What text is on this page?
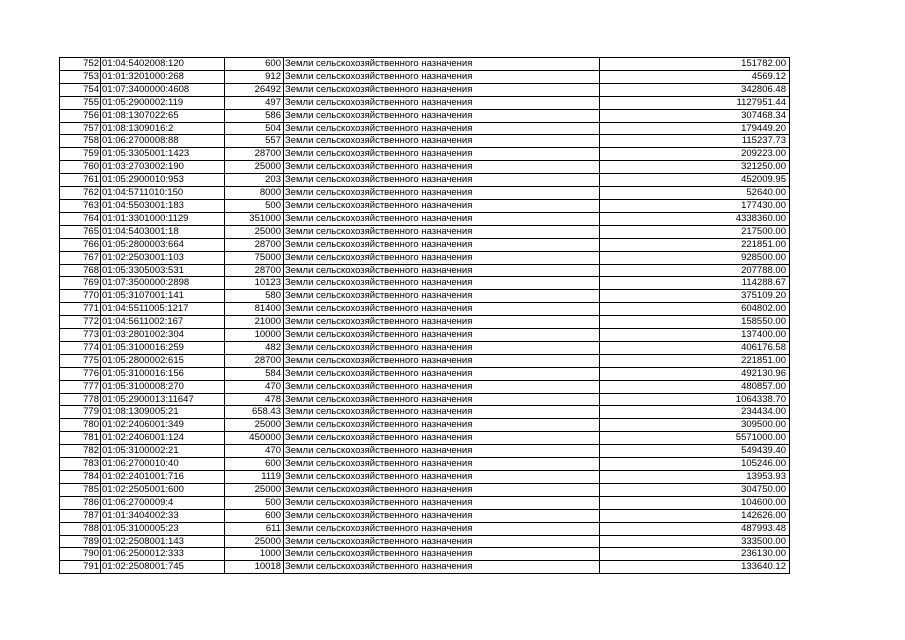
752	01:04:5402008:120	600	Земли сельскохозяйственного назначения	151782.00
753	01:01:3201000:268	912	Земли сельскохозяйственного назначения	4569.12
754	01:07:3400000:4608	26492	Земли сельскохозяйственного назначения	342806.48
755	01:05:2900002:119	497	Земли сельскохозяйственного назначения	1127951.44
756	01:08:1307022:65	586	Земли сельскохозяйственного назначения	307468.34
757	01:08:1309016:2	504	Земли сельскохозяйственного назначения	179449.20
758	01:06:2700008:88	557	Земли сельскохозяйственного назначения	115237.73
759	01:05:3305001:1423	28700	Земли сельскохозяйственного назначения	209223.00
760	01:03:2703002:190	25000	Земли сельскохозяйственного назначения	321250.00
761	01:05:2900010:953	203	Земли сельскохозяйственного назначения	452009.95
762	01:04:5711010:150	8000	Земли сельскохозяйственного назначения	52640.00
763	01:04:5503001:183	500	Земли сельскохозяйственного назначения	177430.00
764	01:01:3301000:1129	351000	Земли сельскохозяйственного назначения	4338360.00
765	01:04:5403001:18	25000	Земли сельскохозяйственного назначения	217500.00
766	01:05:2800003:664	28700	Земли сельскохозяйственного назначения	221851.00
767	01:02:2503001:103	75000	Земли сельскохозяйственного назначения	928500.00
768	01:05:3305003:531	28700	Земли сельскохозяйственного назначения	207788.00
769	01:07:3500000:2898	10123	Земли сельскохозяйственного назначения	114288.67
770	01:05:3107001:141	580	Земли сельскохозяйственного назначения	375109.20
771	01:04:5511005:1217	81400	Земли сельскохозяйственного назначения	604802.00
772	01:04:5611002:167	21000	Земли сельскохозяйственного назначения	158550.00
773	01:03:2801002:304	10000	Земли сельскохозяйственного назначения	137400.00
774	01:05:3100016:259	482	Земли сельскохозяйственного назначения	406176.58
775	01:05:2800002:615	28700	Земли сельскохозяйственного назначения	221851.00
776	01:05:3100016:156	584	Земли сельскохозяйственного назначения	492130.96
777	01:05:3100008:270	470	Земли сельскохозяйственного назначения	480857.00
778	01:05:2900013:11647	478	Земли сельскохозяйственного назначения	1064338.70
779	01:08:1309005:21	658.43	Земли сельскохозяйственного назначения	234434.00
780	01:02:2406001:349	25000	Земли сельскохозяйственного назначения	309500.00
781	01:02:2406001:124	450000	Земли сельскохозяйственного назначения	5571000.00
782	01:05:3100002:21	470	Земли сельскохозяйственного назначения	549439.40
783	01:06:2700010:40	600	Земли сельскохозяйственного назначения	105246.00
784	01:02:2401001:716	1119	Земли сельскохозяйственного назначения	13953.93
785	01:02:2505001:600	25000	Земли сельскохозяйственного назначения	304750.00
786	01:06:2700009:4	500	Земли сельскохозяйственного назначения	104600.00
787	01:01:3404002:33	600	Земли сельскохозяйственного назначения	142626.00
788	01:05:3100005:23	611	Земли сельскохозяйственного назначения	487993.48
789	01:02:2508001:143	25000	Земли сельскохозяйственного назначения	333500.00
790	01:06:2500012:333	1000	Земли сельскохозяйственного назначения	236130.00
791	01:02:2508001:745	10018	Земли сельскохозяйственного назначения	133640.12
